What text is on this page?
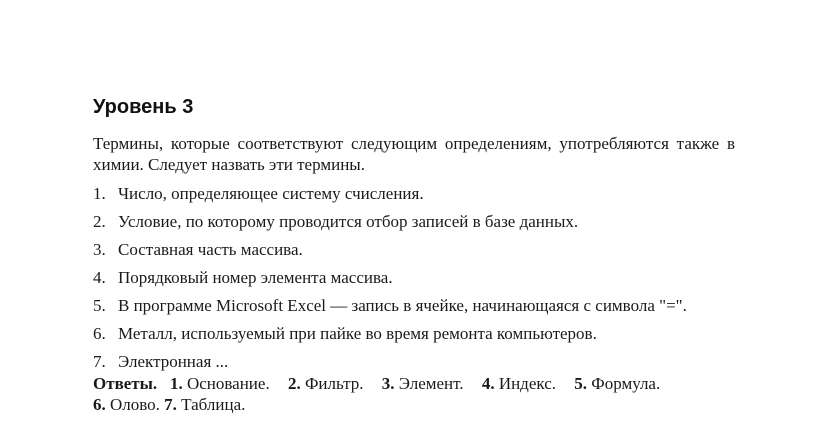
Уровень 3

Термины, которые соответствуют следующим определениям, употребляются также в химии. Следует назвать эти термины.

1. Число, определяющее систему счисления.
2. Условие, по которому проводится отбор записей в базе данных.
3. Составная часть массива.
4. Порядковый номер элемента массива.
5. В программе Microsoft Excel — запись в ячейке, начинающаяся с символа "=".
6. Металл, используемый при пайке во время ремонта компьютеров.
7. Электронная ...

Ответы. 1. Основание. 2. Фильтр. 3. Элемент. 4. Индекс. 5. Формула.
6. Олово. 7. Таблица.
